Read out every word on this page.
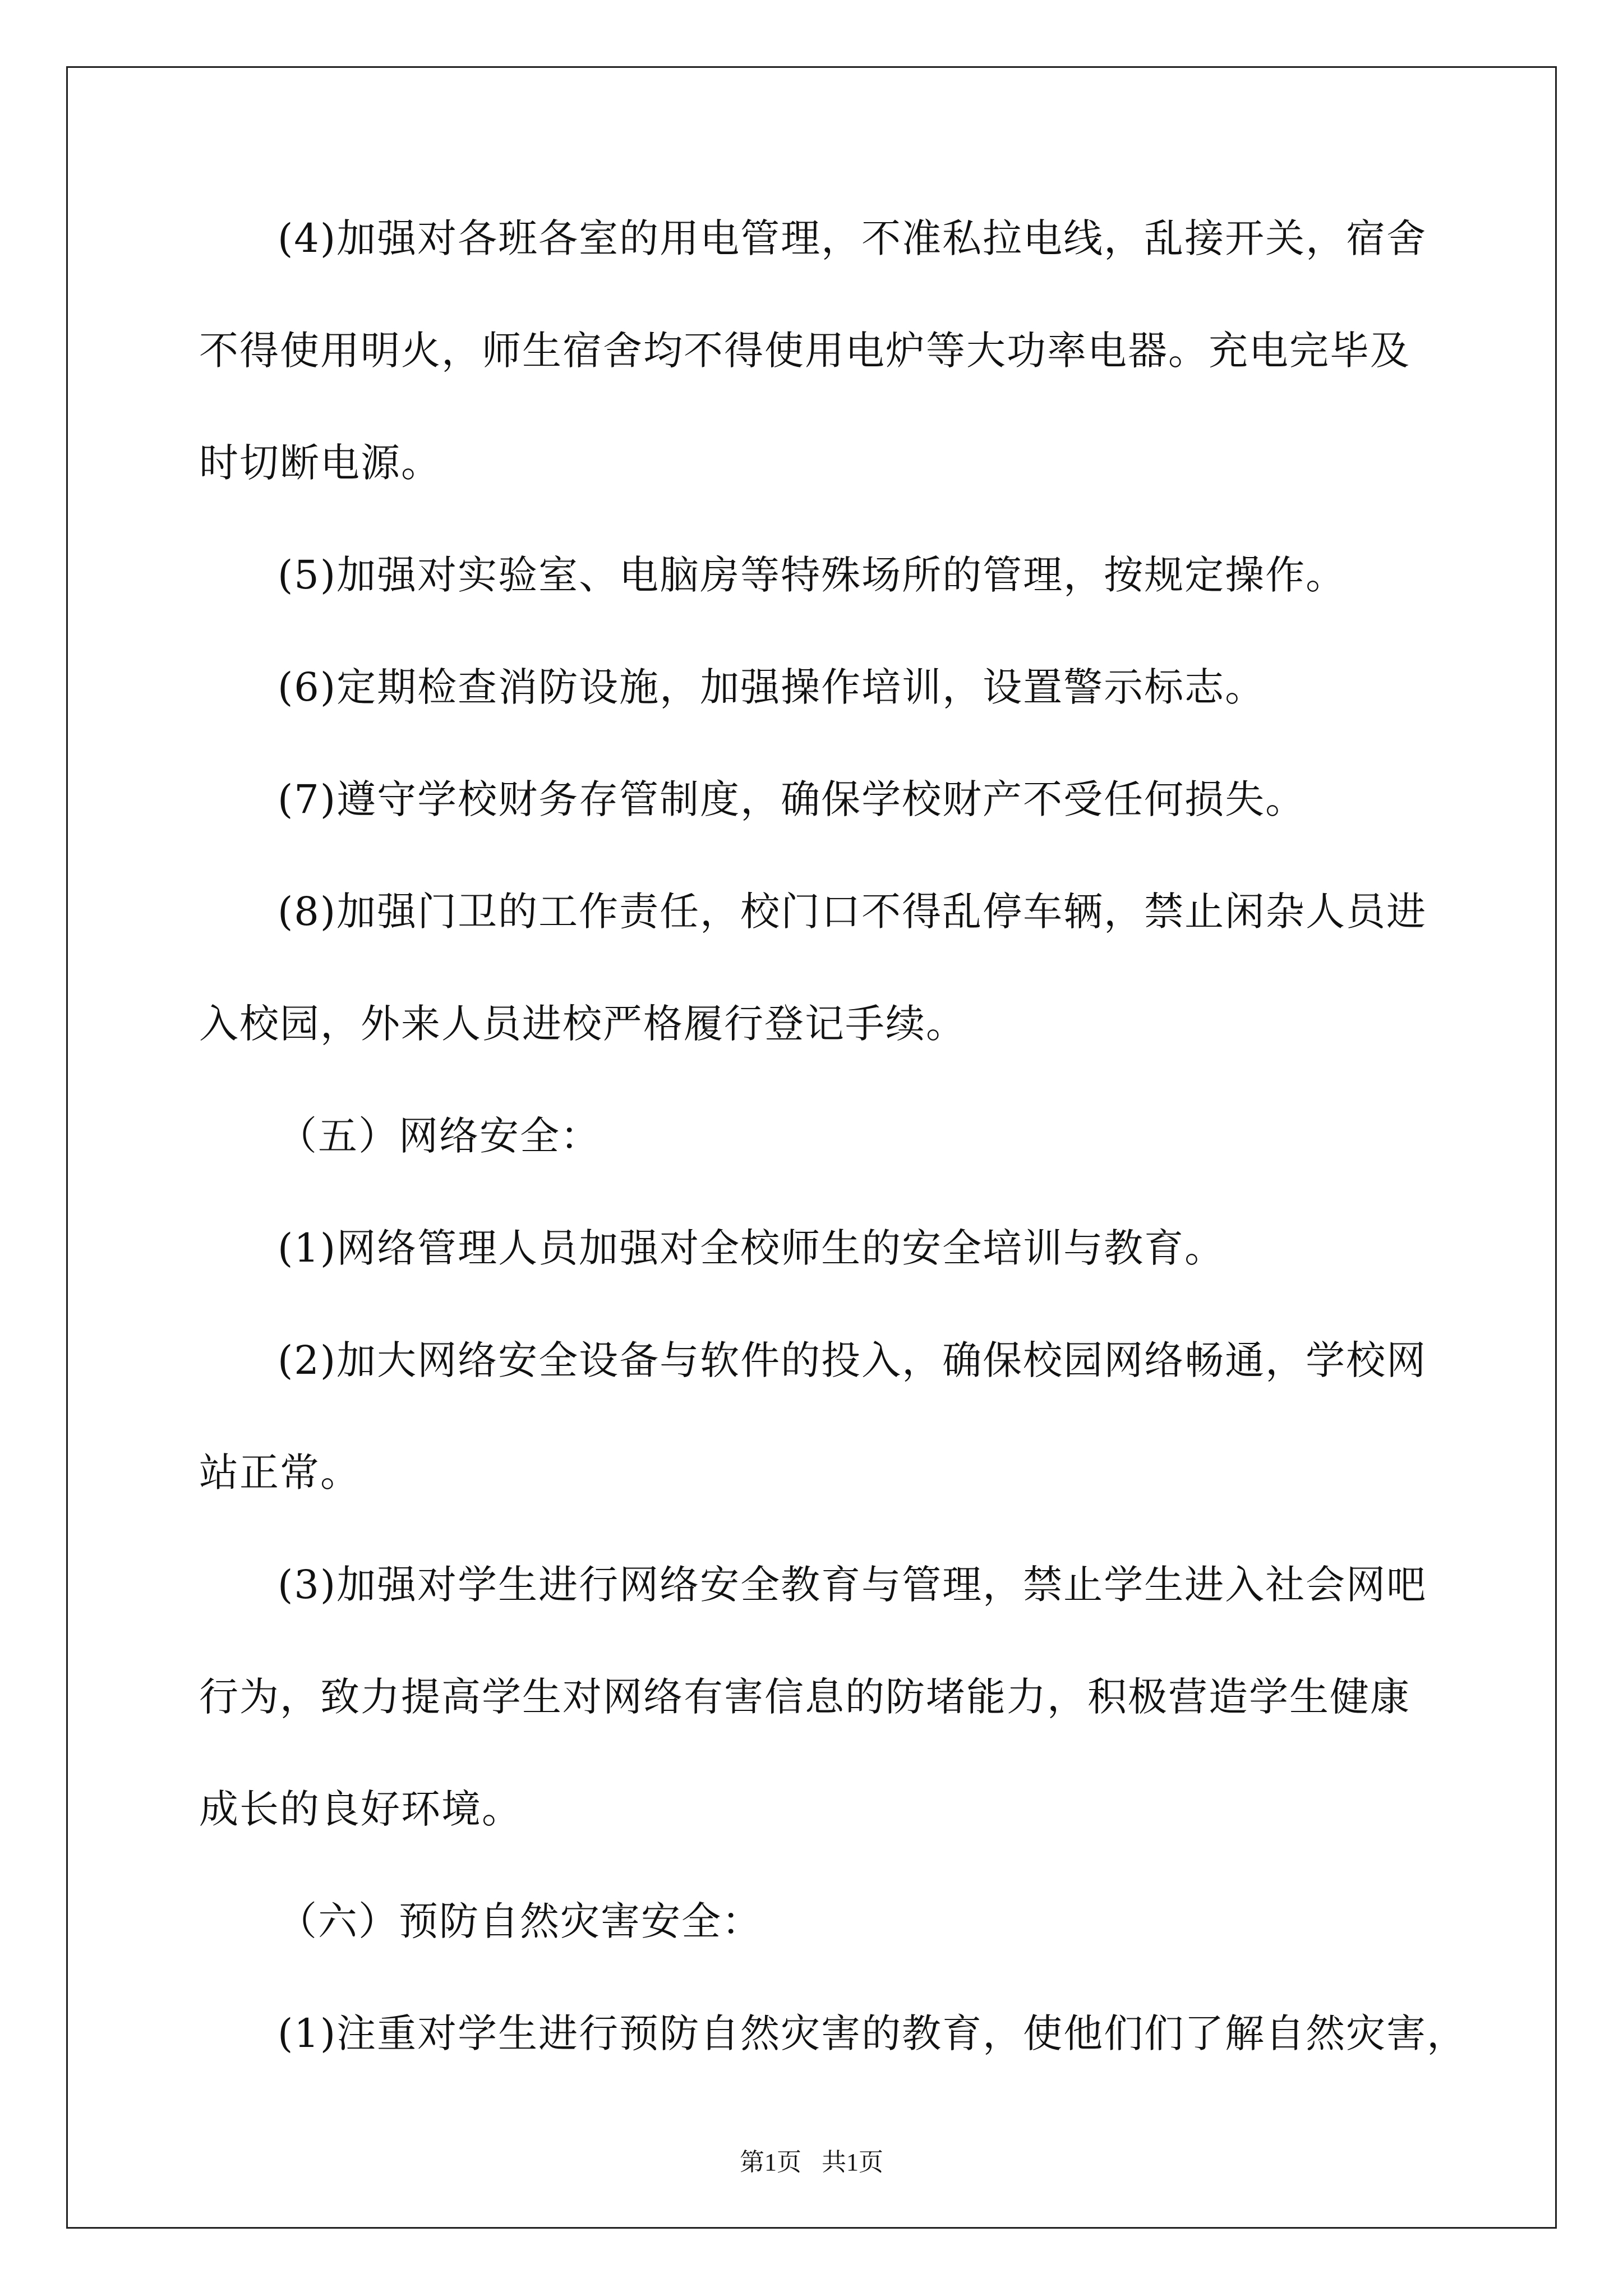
(4)加强对各班各室的用电管理，不准私拉电线，乱接开关，宿舍
不得使用明火，师生宿舍均不得使用电炉等大功率电器。充电完毕及
时切断电源。
(5)加强对实验室、电脑房等特殊场所的管理，按规定操作。
(6)定期检查消防设施，加强操作培训，设置警示标志。
(7)遵守学校财务存管制度，确保学校财产不受任何损失。
(8)加强门卫的工作责任，校门口不得乱停车辆，禁止闲杂人员进
入校园，外来人员进校严格履行登记手续。
（五）网络安全：
(1)网络管理人员加强对全校师生的安全培训与教育。
(2)加大网络安全设备与软件的投入，确保校园网络畅通，学校网
站正常。
(3)加强对学生进行网络安全教育与管理，禁止学生进入社会网吧
行为，致力提高学生对网络有害信息的防堵能力，积极营造学生健康
成长的良好环境。
（六）预防自然灾害安全：
(1)注重对学生进行预防自然灾害的教育，使他们们了解自然灾害，
第1页 共1页
